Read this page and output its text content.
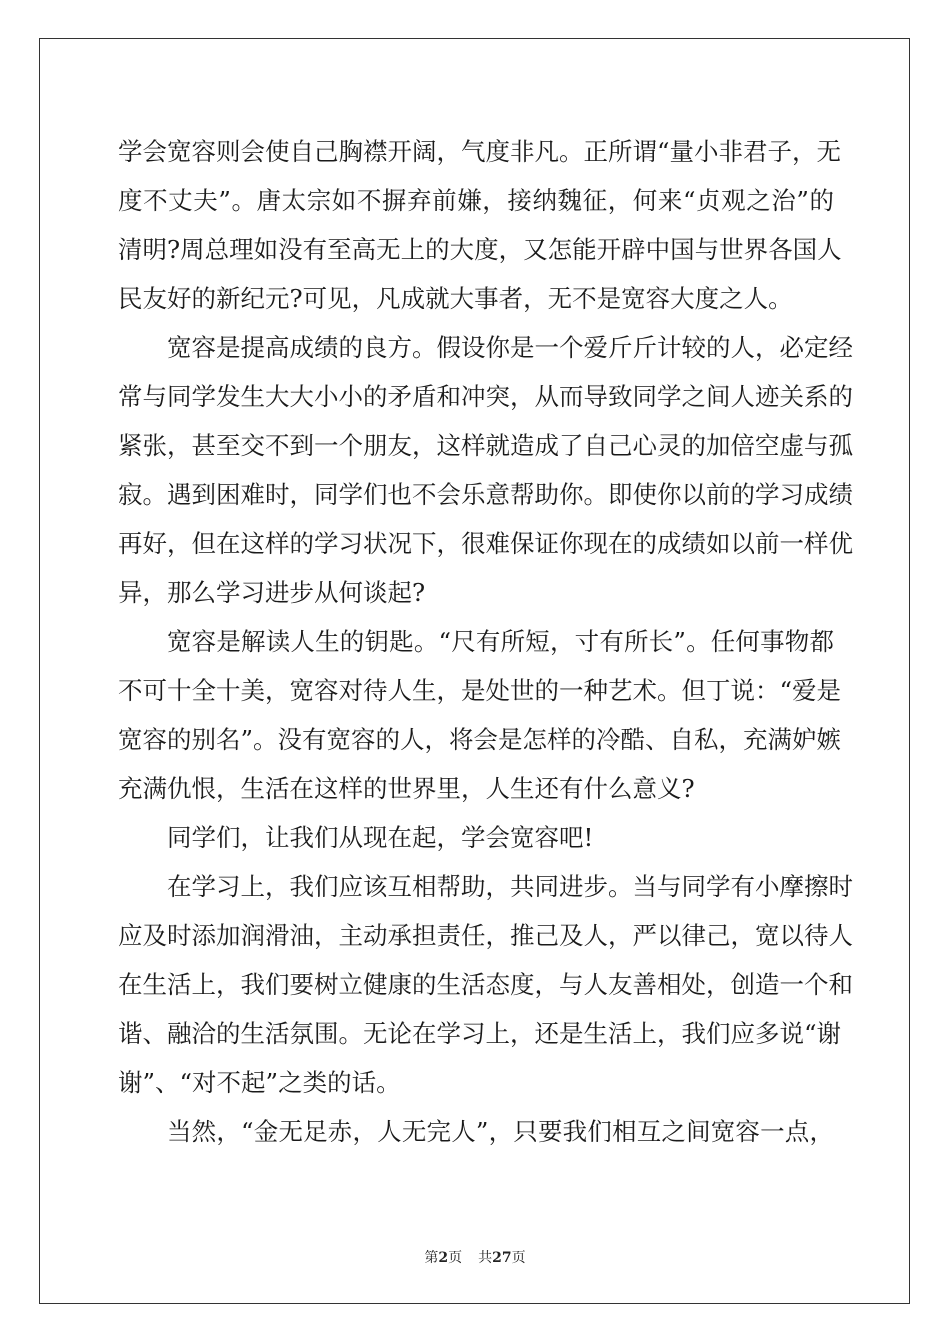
学会宽容则会使自己胸襟开阔，气度非凡。正所谓“量小非君子，无
度不丈夫”。唐太宗如不摒弃前嫌，接纳魏征，何来“贞观之治”的
清明?周总理如没有至高无上的大度，又怎能开辟中国与世界各国人
民友好的新纪元?可见，凡成就大事者，无不是宽容大度之人。
宽容是提高成绩的良方。假设你是一个爱斤斤计较的人，必定经
常与同学发生大大小小的矛盾和冲突，从而导致同学之间人迹关系的
紧张，甚至交不到一个朋友，这样就造成了自己心灵的加倍空虚与孤
寂。遇到困难时，同学们也不会乐意帮助你。即使你以前的学习成绩
再好，但在这样的学习状况下，很难保证你现在的成绩如以前一样优
异，那么学习进步从何谈起?
宽容是解读人生的钥匙。“尺有所短，寸有所长”。任何事物都
不可十全十美，宽容对待人生，是处世的一种艺术。但丁说：“爱是
宽容的别名”。没有宽容的人，将会是怎样的冷酷、自私，充满妒嫉
充满仇恨，生活在这样的世界里，人生还有什么意义?
同学们，让我们从现在起，学会宽容吧!
在学习上，我们应该互相帮助，共同进步。当与同学有小摩擦时
应及时添加润滑油，主动承担责任，推己及人，严以律己，宽以待人
在生活上，我们要树立健康的生活态度，与人友善相处，创造一个和
谐、融洽的生活氛围。无论在学习上，还是生活上，我们应多说“谢
谢”、“对不起”之类的话。
当然，“金无足赤，人无完人”，只要我们相互之间宽容一点，
第2页 共27页
